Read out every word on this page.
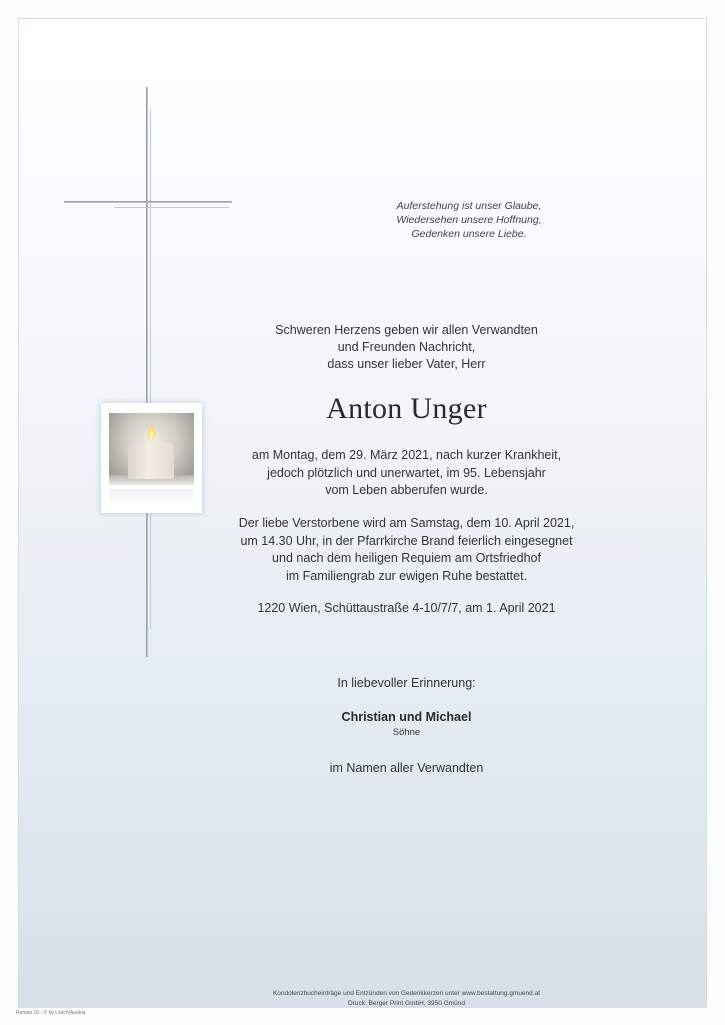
Auferstehung ist unser Glaube,
Wiedersehen unsere Hoffnung,
Gedenken unsere Liebe.
Schweren Herzens geben wir allen Verwandten
und Freunden Nachricht,
dass unser lieber Vater, Herr
Anton Unger
am Montag, dem 29. März 2021, nach kurzer Krankheit,
jedoch plötzlich und unerwartet, im 95. Lebensjahr
vom Leben abberufen wurde.
Der liebe Verstorbene wird am Samstag, dem 10. April 2021,
um 14.30 Uhr, in der Pfarrkirche Brand feierlich eingesegnet
und nach dem heiligen Requiem am Ortsfriedhof
im Familiengrab zur ewigen Ruhe bestattet.
1220 Wien, Schüttaustraße 4-10/7/7, am 1. April 2021
In liebevoller Erinnerung:
Christian und Michael
Söhne
im Namen aller Verwandten
Kondolenzbucheinträge und Entzünden von Gedenkkerzen unter www.bestattung.gmuend.at
Druck: Berger Print GmbH, 3950 Gmünd
Roman 10 - © by Lösch/Austria
